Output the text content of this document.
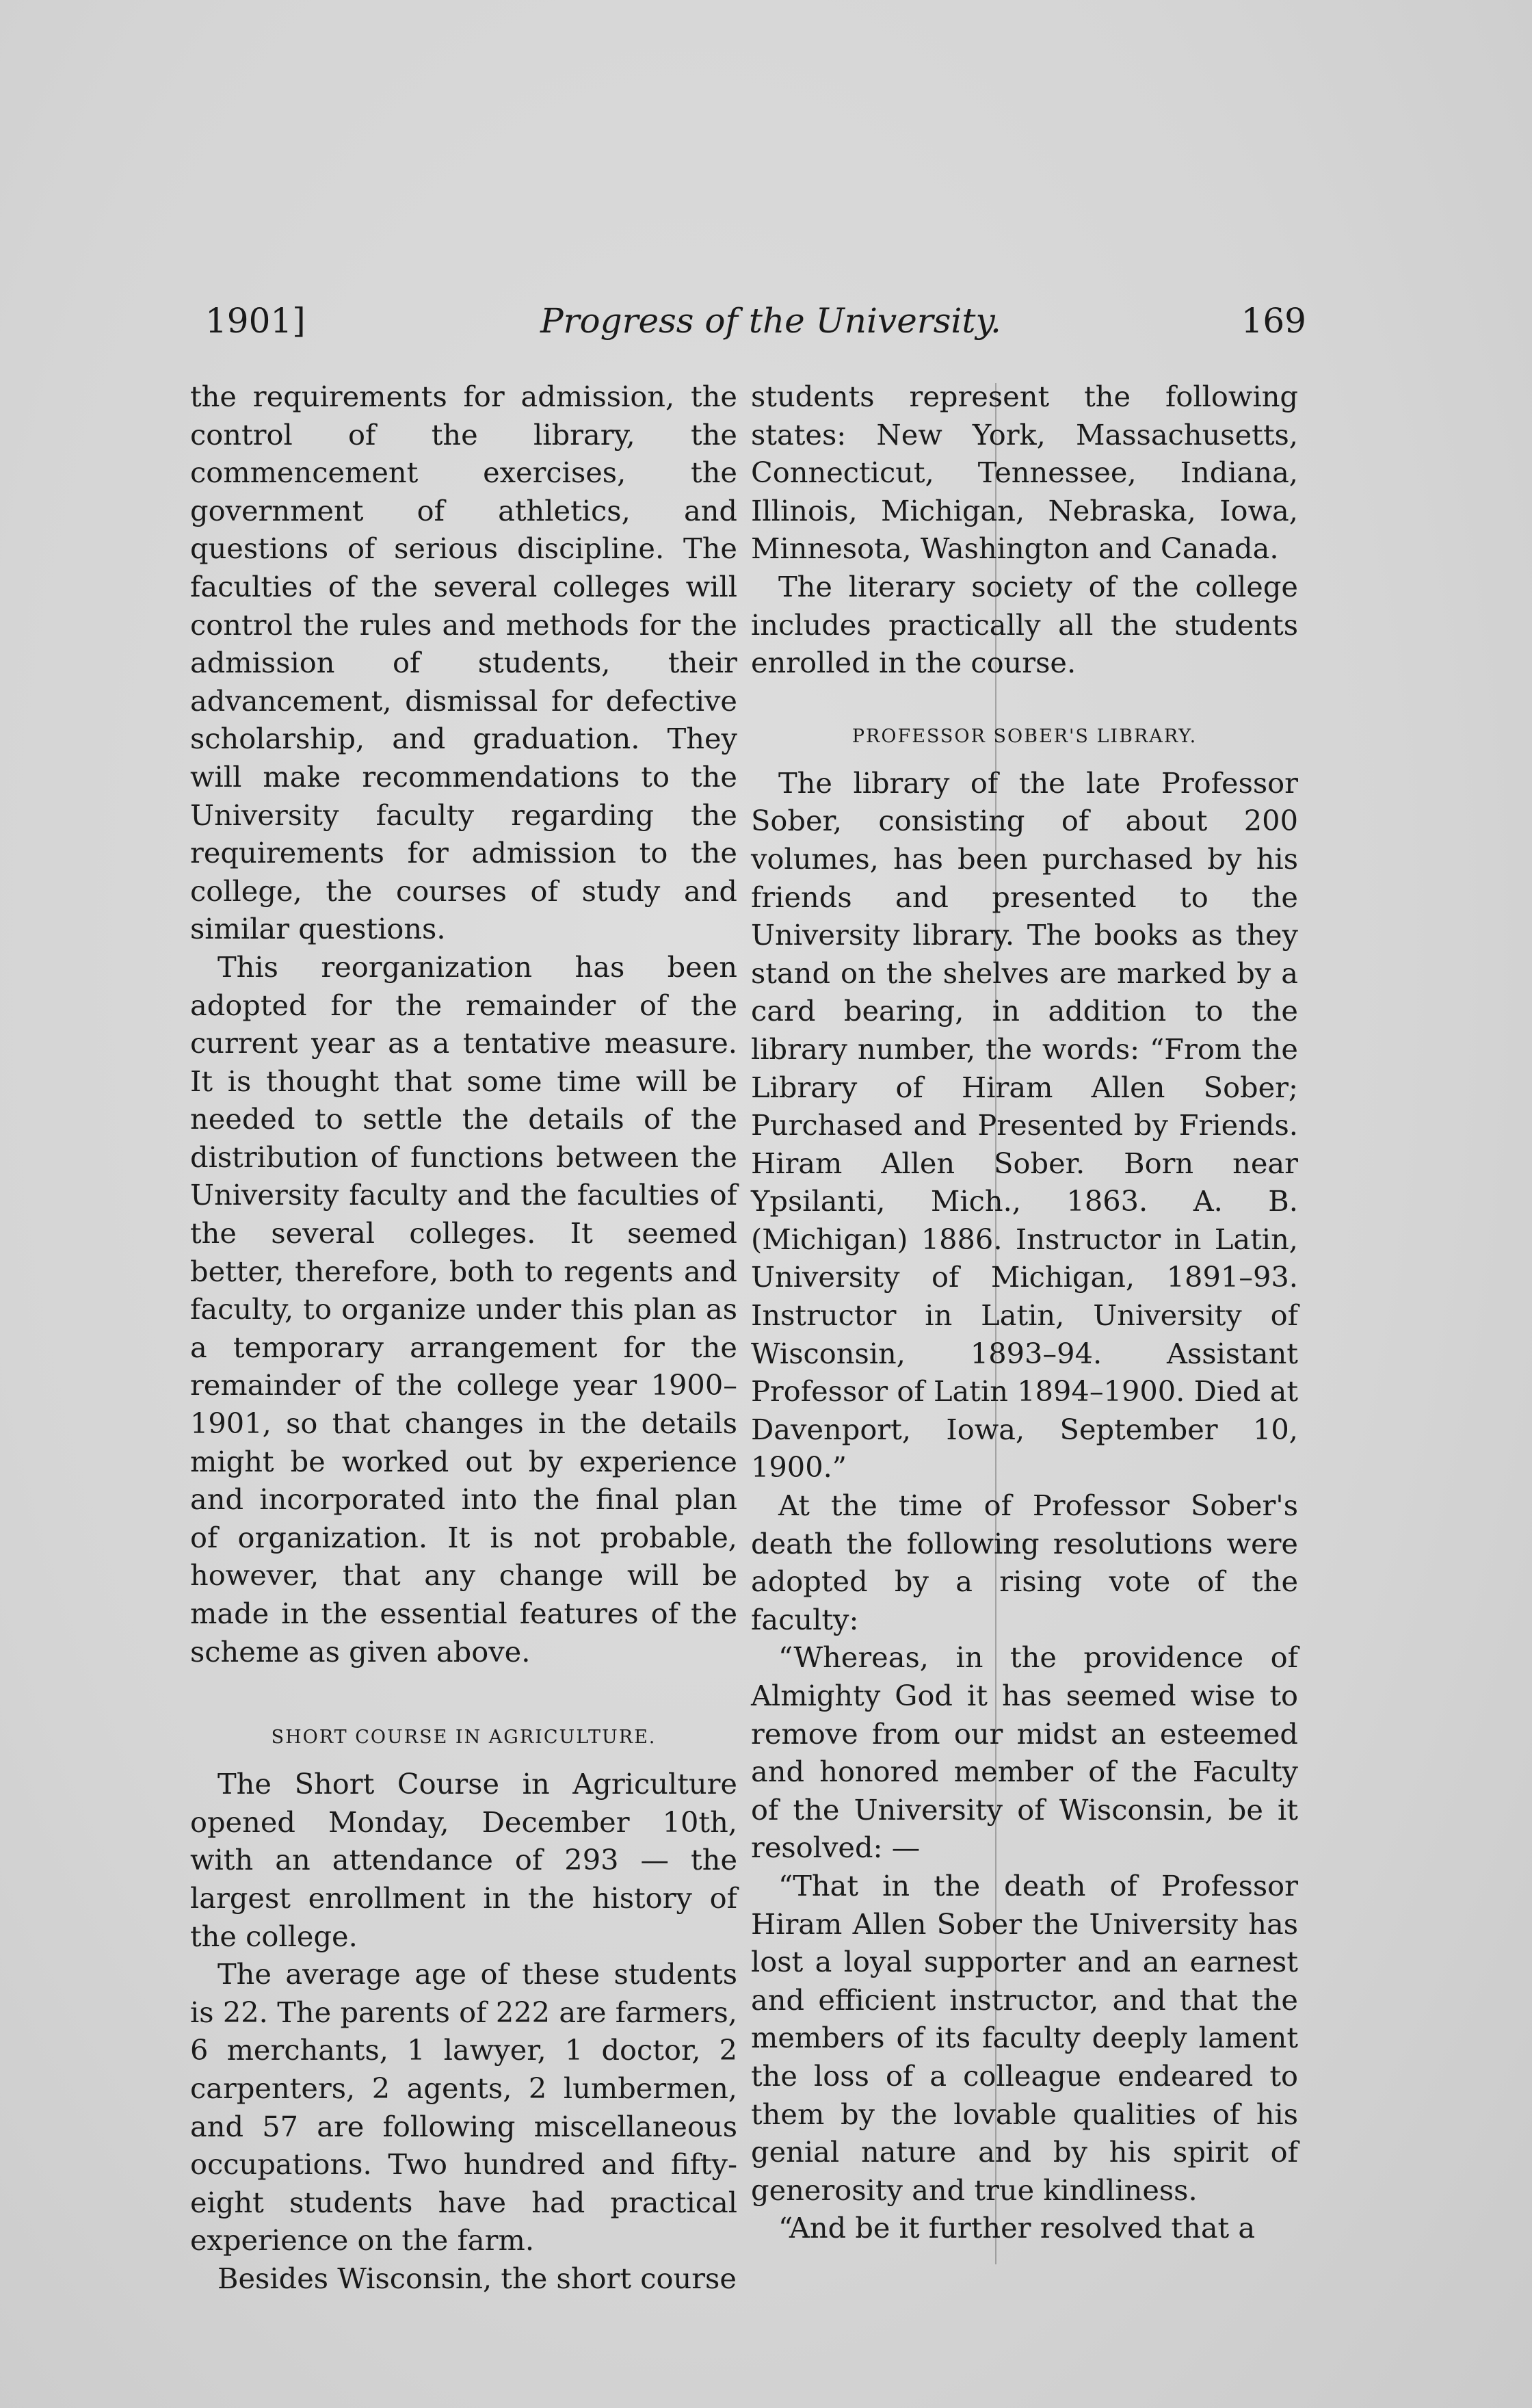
1901]	Progress of the University.	169

the requirements for admission, the control of the library, the commencement exercises, the government of athletics, and questions of serious discipline. The faculties of the several colleges will control the rules and methods for the admission of students, their advancement, dismissal for defective scholarship, and graduation. They will make recommendations to the University faculty regarding the requirements for admission to the college, the courses of study and similar questions.

This reorganization has been adopted for the remainder of the current year as a tentative measure. It is thought that some time will be needed to settle the details of the distribution of functions between the University faculty and the faculties of the several colleges. It seemed better, therefore, both to regents and faculty, to organize under this plan as a temporary arrangement for the remainder of the college year 1900–1901, so that changes in the details might be worked out by experience and incorporated into the final plan of organization. It is not probable, however, that any change will be made in the essential features of the scheme as given above.

SHORT COURSE IN AGRICULTURE.

The Short Course in Agriculture opened Monday, December 10th, with an attendance of 293 — the largest enrollment in the history of the college.

The average age of these students is 22. The parents of 222 are farmers, 6 merchants, 1 lawyer, 1 doctor, 2 carpenters, 2 agents, 2 lumbermen, and 57 are following miscellaneous occupations. Two hundred and fifty-eight students have had practical experience on the farm.

Besides Wisconsin, the short course

students represent the following states: New York, Massachusetts, Connecticut, Tennessee, Indiana, Illinois, Michigan, Nebraska, Iowa, Minnesota, Washington and Canada.

The literary society of the college includes practically all the students enrolled in the course.

PROFESSOR SOBER'S LIBRARY.

The library of the late Professor Sober, consisting of about 200 volumes, has been purchased by his friends and presented to the University library. The books as they stand on the shelves are marked by a card bearing, in addition to the library number, the words: “From the Library of Hiram Allen Sober; Purchased and Presented by Friends. Hiram Allen Sober. Born near Ypsilanti, Mich., 1863. A. B. (Michigan) 1886. Instructor in Latin, University of Michigan, 1891–93. Instructor in Latin, University of Wisconsin, 1893–94. Assistant Professor of Latin 1894–1900. Died at Davenport, Iowa, September 10, 1900.”

At the time of Professor Sober's death the following resolutions were adopted by a rising vote of the faculty:

“Whereas, in the providence of Almighty God it has seemed wise to remove from our midst an esteemed and honored member of the Faculty of the University of Wisconsin, be it resolved: —

“That in the death of Professor Hiram Allen Sober the University has lost a loyal supporter and an earnest and efficient instructor, and that the members of its faculty deeply lament the loss of a colleague endeared to them by the lovable qualities of his genial nature and by his spirit of generosity and true kindliness.

“And be it further resolved that a
